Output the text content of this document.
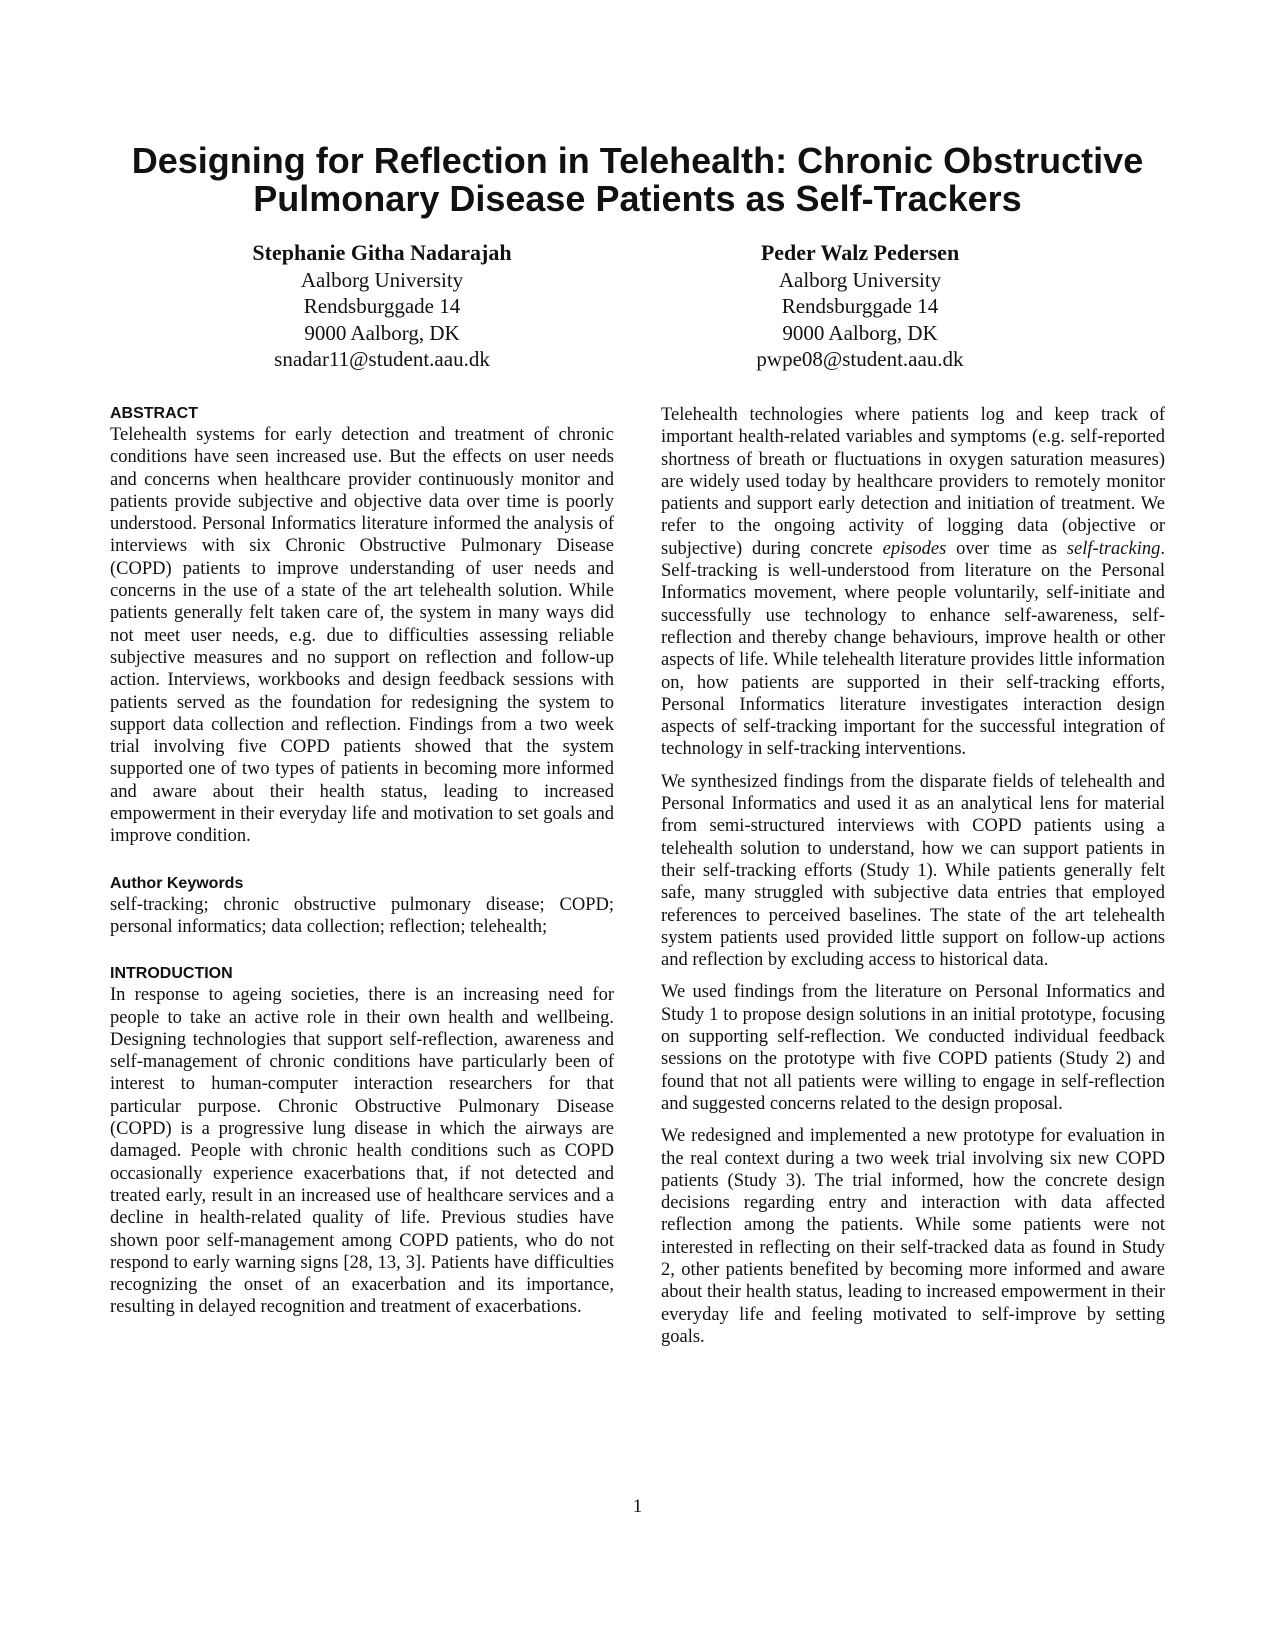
Designing for Reflection in Telehealth: Chronic Obstructive
Pulmonary Disease Patients as Self-Trackers
Stephanie Githa Nadarajah
Aalborg University
Rendsburggade 14
9000 Aalborg, DK
snadar11@student.aau.dk
Peder Walz Pedersen
Aalborg University
Rendsburggade 14
9000 Aalborg, DK
pwpe08@student.aau.dk
ABSTRACT

Telehealth systems for early detection and treatment of chronic conditions have seen increased use. But the effects on user needs and concerns when healthcare provider continuously monitor and patients provide subjective and objective data over time is poorly understood. Personal Informatics literature informed the analysis of interviews with six Chronic Obstructive Pulmonary Disease (COPD) patients to improve understanding of user needs and concerns in the use of a state of the art telehealth solution. While patients generally felt taken care of, the system in many ways did not meet user needs, e.g. due to difficulties assessing reliable subjective measures and no support on reflection and follow-up action. Interviews, workbooks and design feedback sessions with patients served as the foundation for redesigning the system to support data collection and reflection. Findings from a two week trial involving five COPD patients showed that the system supported one of two types of patients in becoming more informed and aware about their health status, leading to increased empowerment in their everyday life and motivation to set goals and improve condition.

Author Keywords

self-tracking; chronic obstructive pulmonary disease; COPD; personal informatics; data collection; reflection; telehealth;

INTRODUCTION

In response to ageing societies, there is an increasing need for people to take an active role in their own health and wellbeing. Designing technologies that support self-reflection, awareness and self-management of chronic conditions have particularly been of interest to human-computer interaction researchers for that particular purpose. Chronic Obstructive Pulmonary Disease (COPD) is a progressive lung disease in which the airways are damaged. People with chronic health conditions such as COPD occasionally experience exacerbations that, if not detected and treated early, result in an increased use of healthcare services and a decline in health-related quality of life. Previous studies have shown poor self-management among COPD patients, who do not respond to early warning signs [28, 13, 3]. Patients have difficulties recognizing the onset of an exacerbation and its importance, resulting in delayed recognition and treatment of exacerbations.

Telehealth technologies where patients log and keep track of important health-related variables and symptoms (e.g. self-reported shortness of breath or fluctuations in oxygen saturation measures) are widely used today by healthcare providers to remotely monitor patients and support early detection and initiation of treatment. We refer to the ongoing activity of logging data (objective or subjective) during concrete episodes over time as self-tracking. Self-tracking is well-understood from literature on the Personal Informatics movement, where people voluntarily, self-initiate and successfully use technology to enhance self-awareness, self-reflection and thereby change behaviours, improve health or other aspects of life. While telehealth literature provides little information on, how patients are supported in their self-tracking efforts, Personal Informatics literature investigates interaction design aspects of self-tracking important for the successful integration of technology in self-tracking interventions.

We synthesized findings from the disparate fields of telehealth and Personal Informatics and used it as an analytical lens for material from semi-structured interviews with COPD patients using a telehealth solution to understand, how we can support patients in their self-tracking efforts (Study 1). While patients generally felt safe, many struggled with subjective data entries that employed references to perceived baselines. The state of the art telehealth system patients used provided little support on follow-up actions and reflection by excluding access to historical data.

We used findings from the literature on Personal Informatics and Study 1 to propose design solutions in an initial prototype, focusing on supporting self-reflection. We conducted individual feedback sessions on the prototype with five COPD patients (Study 2) and found that not all patients were willing to engage in self-reflection and suggested concerns related to the design proposal.

We redesigned and implemented a new prototype for evaluation in the real context during a two week trial involving six new COPD patients (Study 3). The trial informed, how the concrete design decisions regarding entry and interaction with data affected reflection among the patients. While some patients were not interested in reflecting on their self-tracked data as found in Study 2, other patients benefited by becoming more informed and aware about their health status, leading to increased empowerment in their everyday life and feeling motivated to self-improve by setting goals.

1
